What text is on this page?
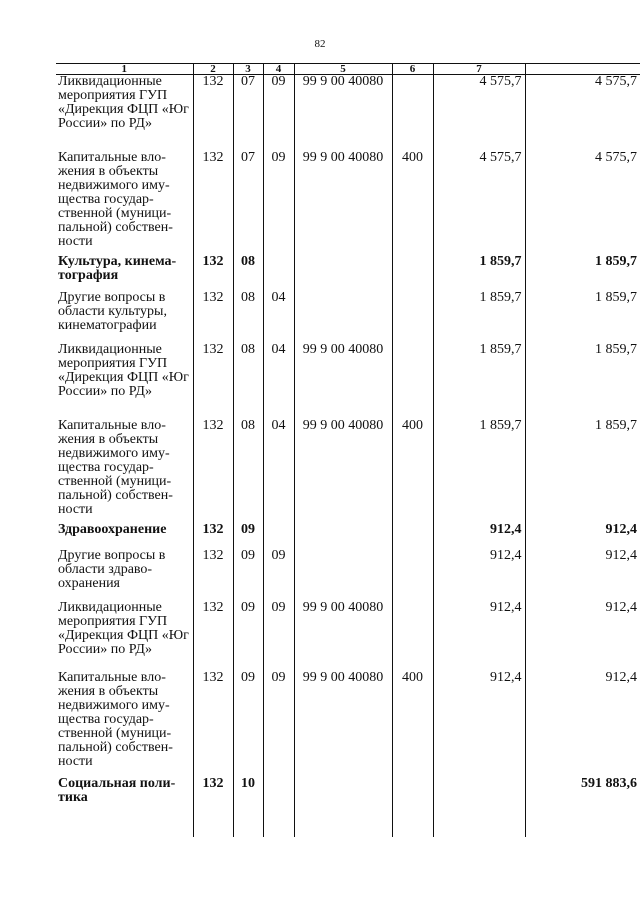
82
1	2	3	4	5	6	7	
Ликвидационные мероприятия ГУП «Дирекция ФЦП «Юг России» по РД»	132	07	09	99 9 00 40080		4 575,7	4 575,7
Капитальные вло-жения в объекты недвижимого иму-щества государ-ственной (муници-пальной) собствен-ности	132	07	09	99 9 00 40080	400	4 575,7	4 575,7
Культура, кинема-тография	132	08				1 859,7	1 859,7
Другие вопросы в области культуры, кинематографии	132	08	04			1 859,7	1 859,7
Ликвидационные мероприятия ГУП «Дирекция ФЦП «Юг России» по РД»	132	08	04	99 9 00 40080		1 859,7	1 859,7
Капитальные вло-жения в объекты недвижимого иму-щества государ-ственной (муници-пальной) собствен-ности	132	08	04	99 9 00 40080	400	1 859,7	1 859,7
Здравоохранение	132	09				912,4	912,4
Другие вопросы в области здраво-охранения	132	09	09			912,4	912,4
Ликвидационные мероприятия ГУП «Дирекция ФЦП «Юг России» по РД»	132	09	09	99 9 00 40080		912,4	912,4
Капитальные вло-жения в объекты недвижимого иму-щества государ-ственной (муници-пальной) собствен-ности	132	09	09	99 9 00 40080	400	912,4	912,4
Социальная поли-тика	132	10					591 883,6
